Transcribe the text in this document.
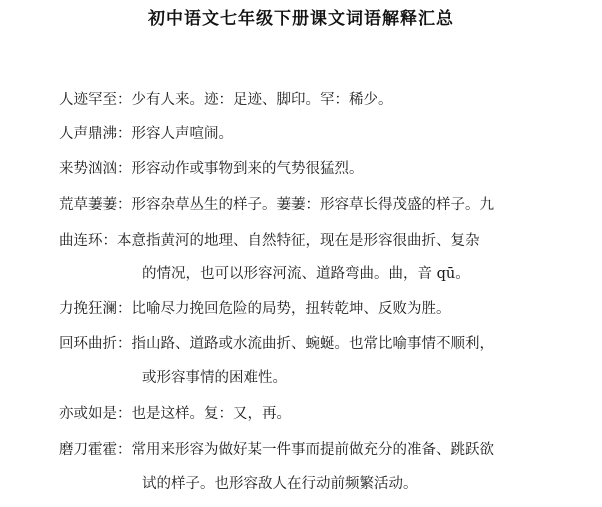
初中语文七年级下册课文词语解释汇总
人迹罕至：少有人来。迹：足迹、脚印。罕：稀少。
人声鼎沸：形容人声喧闹。
来势汹汹：形容动作或事物到来的气势很猛烈。
荒草萋萋：形容杂草丛生的样子。萋萋：形容草长得茂盛的样子。九
曲连环：本意指黄河的地理、自然特征，现在是形容很曲折、复杂
的情况，也可以形容河流、道路弯曲。曲，音 qū。
力挽狂澜：比喻尽力挽回危险的局势，扭转乾坤、反败为胜。
回环曲折：指山路、道路或水流曲折、蜿蜒。也常比喻事情不顺利，
或形容事情的困难性。
亦或如是：也是这样。复：又，再。
磨刀霍霍：常用来形容为做好某一件事而提前做充分的准备、跳跃欲
试的样子。也形容敌人在行动前频繁活动。
